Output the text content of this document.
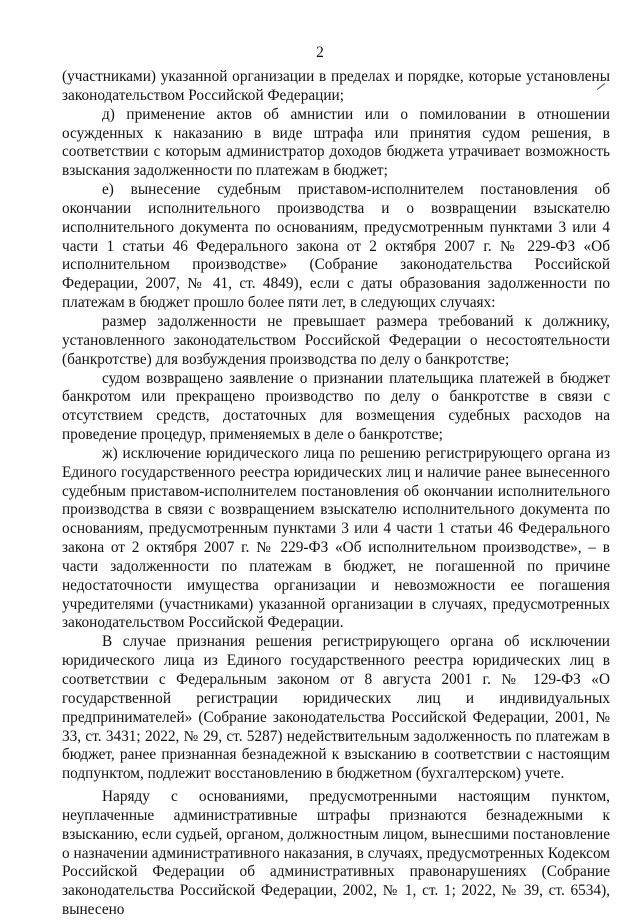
2

(участниками) указанной организации в пределах и порядке, которые установлены законодательством Российской Федерации;

д) применение актов об амнистии или о помиловании в отношении осужденных к наказанию в виде штрафа или принятия судом решения, в соответствии с которым администратор доходов бюджета утрачивает возможность взыскания задолженности по платежам в бюджет;

е) вынесение судебным приставом-исполнителем постановления об окончании исполнительного производства и о возвращении взыскателю исполнительного документа по основаниям, предусмотренным пунктами 3 или 4 части 1 статьи 46 Федерального закона от 2 октября 2007 г. № 229-ФЗ «Об исполнительном производстве» (Собрание законодательства Российской Федерации, 2007, № 41, ст. 4849), если с даты образования задолженности по платежам в бюджет прошло более пяти лет, в следующих случаях:

размер задолженности не превышает размера требований к должнику, установленного законодательством Российской Федерации о несостоятельности (банкротстве) для возбуждения производства по делу о банкротстве;

судом возвращено заявление о признании плательщика платежей в бюджет банкротом или прекращено производство по делу о банкротстве в связи с отсутствием средств, достаточных для возмещения судебных расходов на проведение процедур, применяемых в деле о банкротстве;

ж) исключение юридического лица по решению регистрирующего органа из Единого государственного реестра юридических лиц и наличие ранее вынесенного судебным приставом-исполнителем постановления об окончании исполнительного производства в связи с возвращением взыскателю исполнительного документа по основаниям, предусмотренным пунктами 3 или 4 части 1 статьи 46 Федерального закона от 2 октября 2007 г. № 229-ФЗ «Об исполнительном производстве», – в части задолженности по платежам в бюджет, не погашенной по причине недостаточности имущества организации и невозможности ее погашения учредителями (участниками) указанной организации в случаях, предусмотренных законодательством Российской Федерации.

В случае признания решения регистрирующего органа об исключении юридического лица из Единого государственного реестра юридических лиц в соответствии с Федеральным законом от 8 августа 2001 г. № 129-ФЗ «О государственной регистрации юридических лиц и индивидуальных предпринимателей» (Собрание законодательства Российской Федерации, 2001, № 33, ст. 3431; 2022, № 29, ст. 5287) недействительным задолженность по платежам в бюджет, ранее признанная безнадежной к взысканию в соответствии с настоящим подпунктом, подлежит восстановлению в бюджетном (бухгалтерском) учете.

Наряду с основаниями, предусмотренными настоящим пунктом, неуплаченные административные штрафы признаются безнадежными к взысканию, если судьей, органом, должностным лицом, вынесшими постановление о назначении административного наказания, в случаях, предусмотренных Кодексом Российской Федерации об административных правонарушениях (Собрание законодательства Российской Федерации, 2002, № 1, ст. 1; 2022, № 39, ст. 6534), вынесено
